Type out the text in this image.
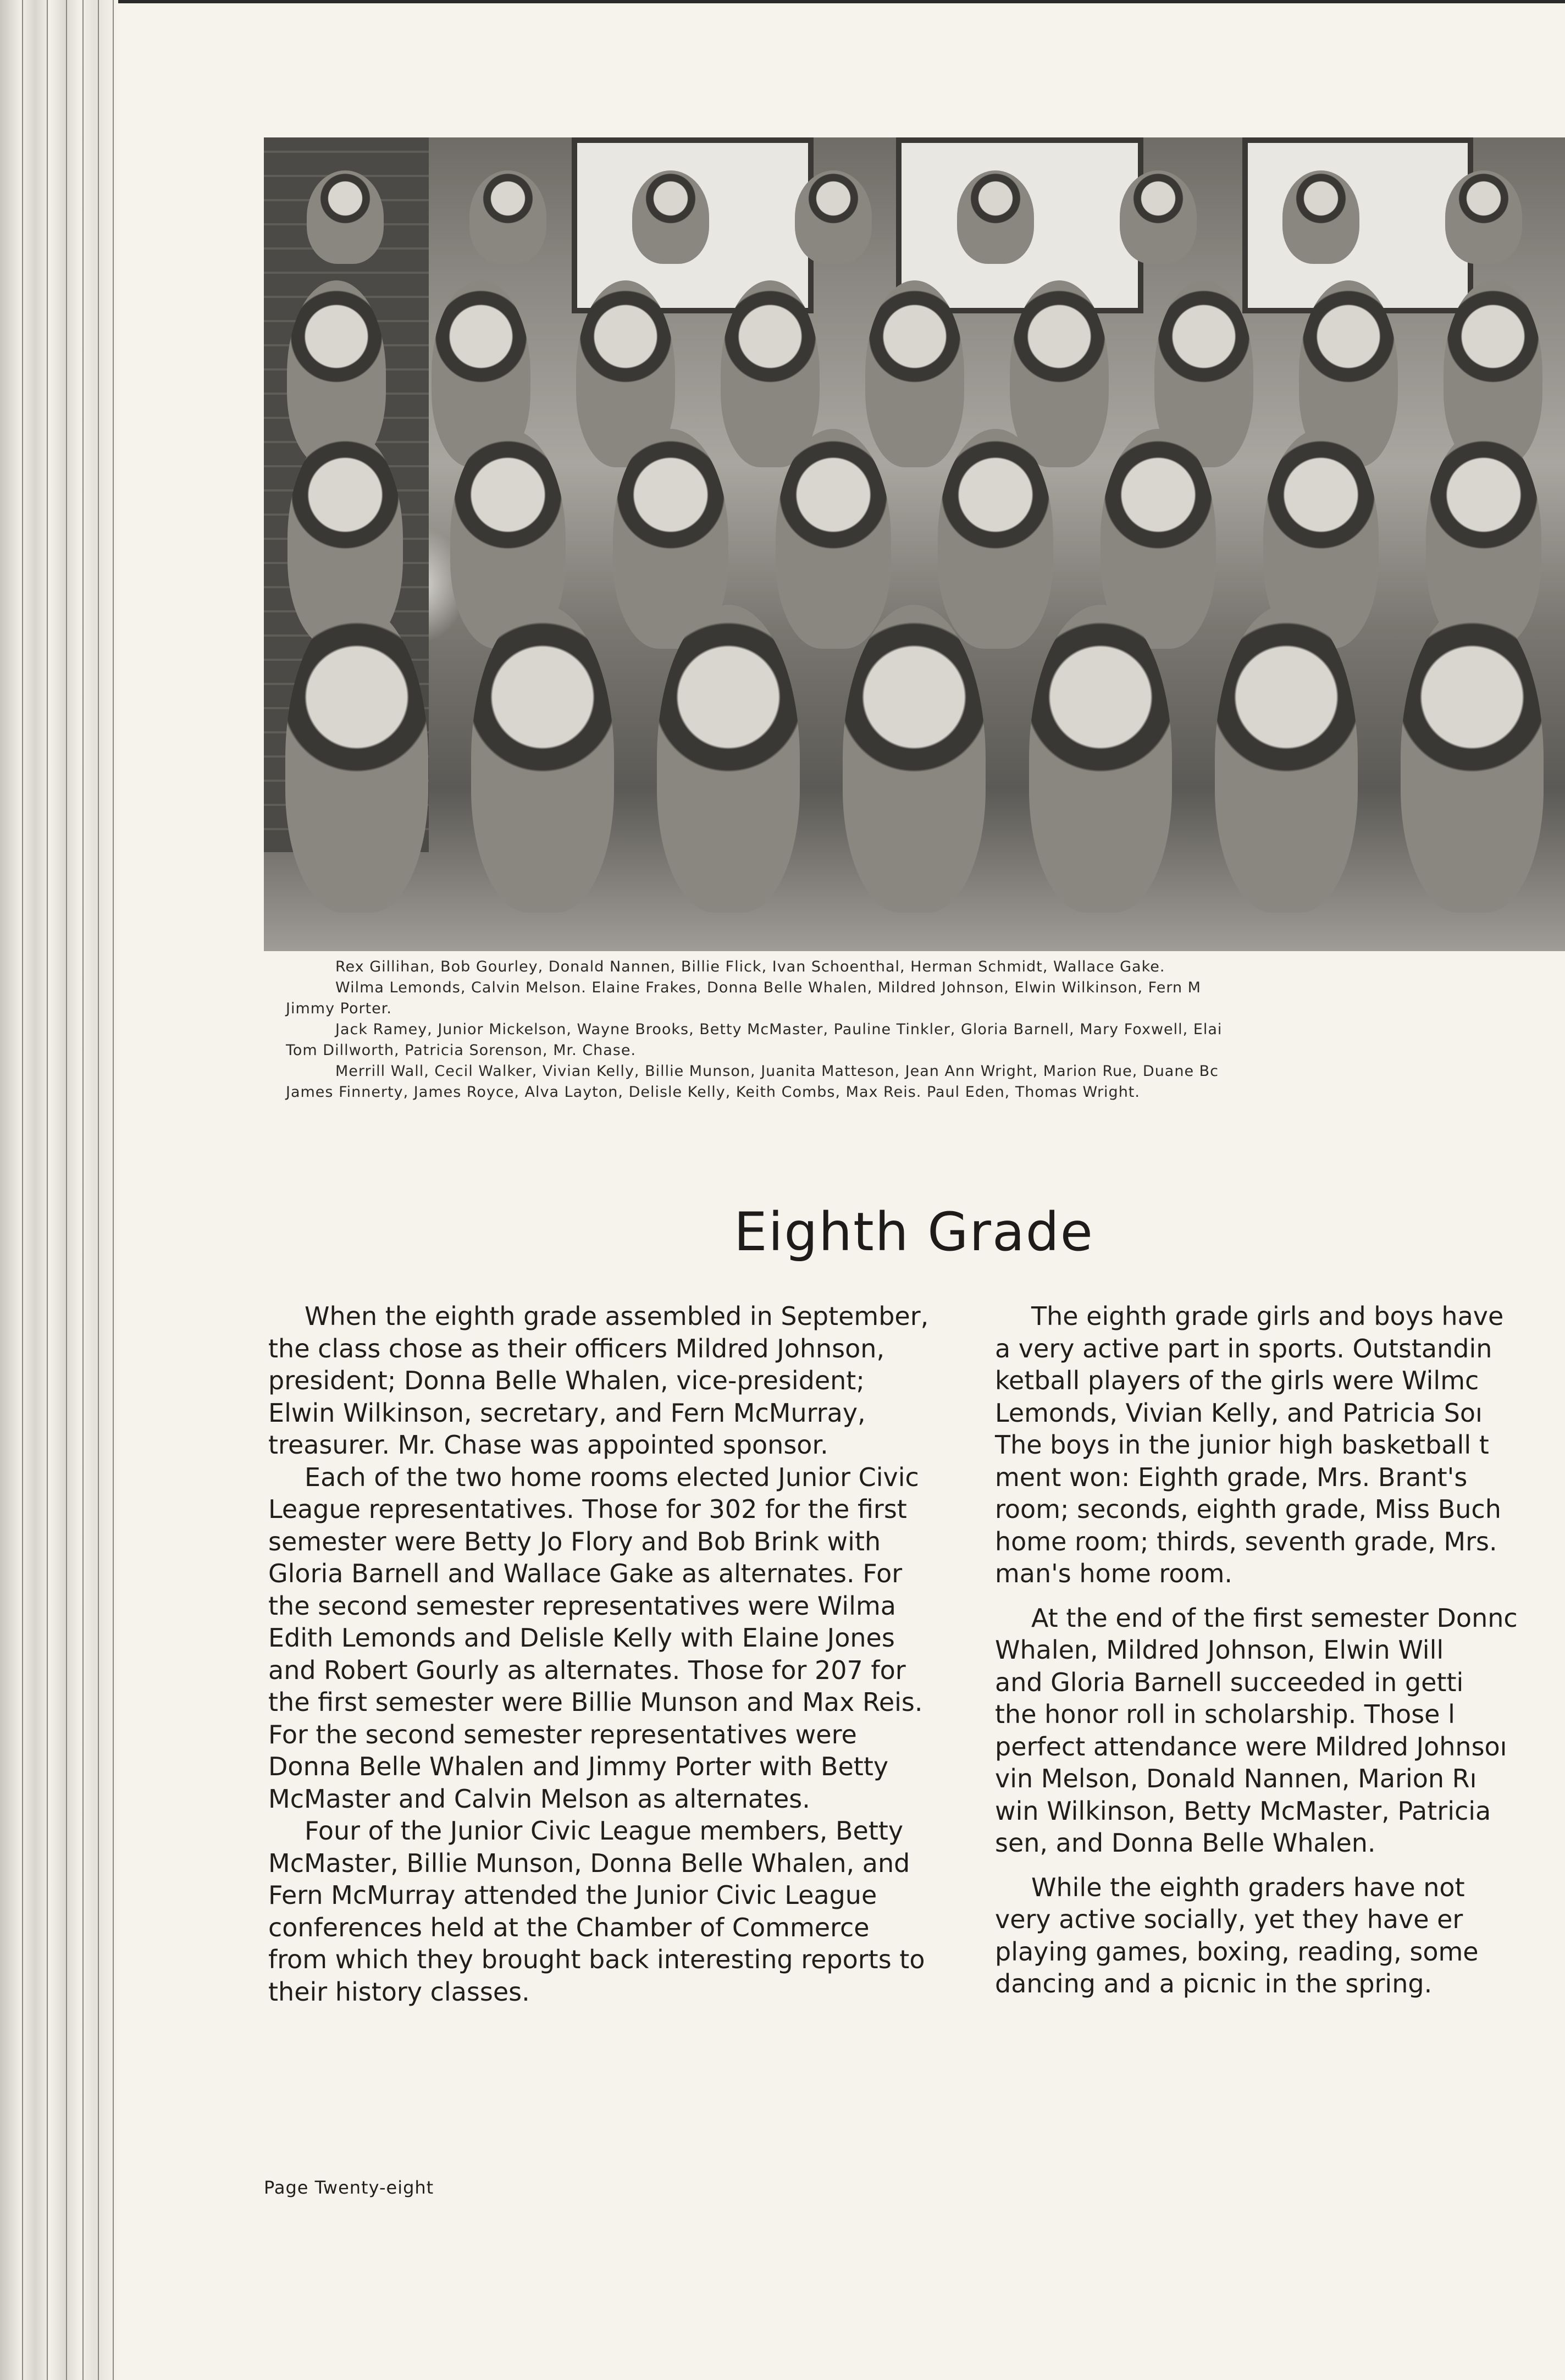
Rex Gillihan, Bob Gourley, Donald Nannen, Billie Flick, Ivan Schoenthal, Herman Schmidt, Wallace Gake.

Wilma Lemonds, Calvin Melson. Elaine Frakes, Donna Belle Whalen, Mildred Johnson, Elwin Wilkinson, Fern M

Jimmy Porter.

Jack Ramey, Junior Mickelson, Wayne Brooks, Betty McMaster, Pauline Tinkler, Gloria Barnell, Mary Foxwell, Elai

Tom Dillworth, Patricia Sorenson, Mr. Chase.

Merrill Wall, Cecil Walker, Vivian Kelly, Billie Munson, Juanita Matteson, Jean Ann Wright, Marion Rue, Duane Bc

James Finnerty, James Royce, Alva Layton, Delisle Kelly, Keith Combs, Max Reis. Paul Eden, Thomas Wright.

Eighth Grade

When the eighth grade assembled in September, the class chose as their officers Mildred Johnson, president; Donna Belle Whalen, vice-president; Elwin Wilkinson, secretary, and Fern McMurray, treasurer. Mr. Chase was appointed sponsor.

Each of the two home rooms elected Junior Civic League representatives. Those for 302 for the first semester were Betty Jo Flory and Bob Brink with Gloria Barnell and Wallace Gake as alternates. For the second semester representatives were Wilma Edith Lemonds and Delisle Kelly with Elaine Jones and Robert Gourly as alternates. Those for 207 for the first semester were Billie Munson and Max Reis. For the second semester representatives were Donna Belle Whalen and Jimmy Porter with Betty McMaster and Calvin Melson as alternates.

Four of the Junior Civic League members, Betty McMaster, Billie Munson, Donna Belle Whalen, and Fern McMurray attended the Junior Civic League conferences held at the Chamber of Commerce from which they brought back interesting reports to their history classes.

The eighth grade girls and boys have
a very active part in sports. Outstandin
ketball players of the girls were Wilmc
Lemonds, Vivian Kelly, and Patricia Soı
The boys in the junior high basketball t
ment won: Eighth grade, Mrs. Brant's
room; seconds, eighth grade, Miss Buch
home room; thirds, seventh grade, Mrs.
man's home room.

At the end of the first semester Donnc
Whalen, Mildred Johnson, Elwin Will
and Gloria Barnell succeeded in getti
the honor roll in scholarship. Those l
perfect attendance were Mildred Johnsoı
vin Melson, Donald Nannen, Marion Rı
win Wilkinson, Betty McMaster, Patricia
sen, and Donna Belle Whalen.

While the eighth graders have not
very active socially, yet they have er
playing games, boxing, reading, some
dancing and a picnic in the spring.

Page Twenty-eight
